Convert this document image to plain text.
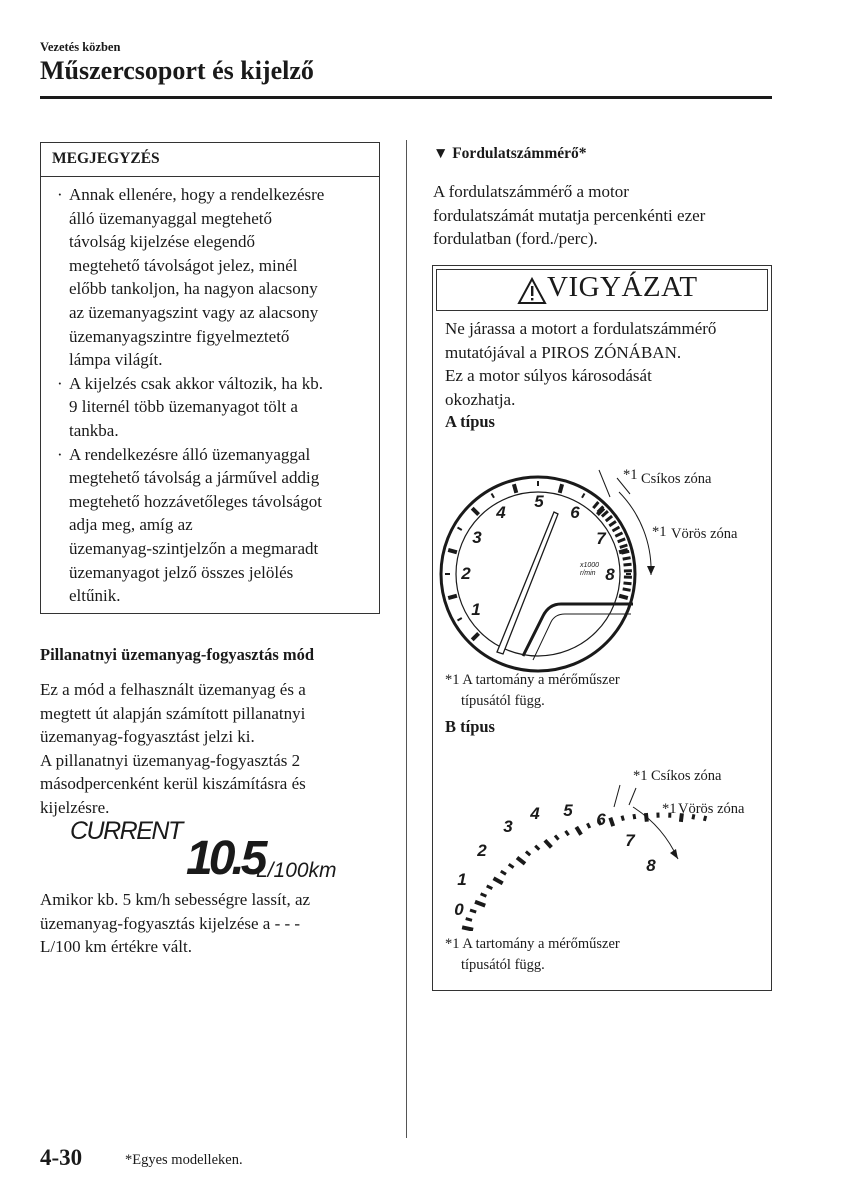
Vezetés közben
Műszercsoport és kijelző
MEGJEGYZÉS
· Annak ellenére, hogy a rendelkezésre
álló üzemanyaggal megtehető
távolság kijelzése elegendő
megtehető távolságot jelez, minél
előbb tankoljon, ha nagyon alacsony
az üzemanyagszint vagy az alacsony
üzemanyagszintre figyelmeztető
lámpa világít.
· A kijelzés csak akkor változik, ha kb.
9 liternél több üzemanyagot tölt a
tankba.
· A rendelkezésre álló üzemanyaggal
megtehető távolság a járművel addig
megtehető hozzávetőleges távolságot
adja meg, amíg az
üzemanyag-szintjelzőn a megmaradt
üzemanyagot jelző összes jelölés
eltűnik.
Pillanatnyi üzemanyag-fogyasztás mód
Ez a mód a felhasznált üzemanyag és a
megtett út alapján számított pillanatnyi
üzemanyag-fogyasztást jelzi ki.
A pillanatnyi üzemanyag-fogyasztás 2
másodpercenként kerül kiszámításra és
kijelzésre.
CURRENT
10.5
L/100km
Amikor kb. 5 km/h sebességre lassít, az
üzemanyag-fogyasztás kijelzése a - - -
L/100 km értékre vált.
▼ Fordulatszámmérő*
A fordulatszámmérő a motor
fordulatszámát mutatja percenkénti ezer
fordulatban (ford./perc).
VIGYÁZAT
Ne járassa a motort a fordulatszámmérő
mutatójával a PIROS ZÓNÁBAN.
Ez a motor súlyos károsodását
okozhatja.
A típus
1
2
3
4
5
6
7
8
x1000
r/min
*1 Csíkos zóna
*1 Vörös zóna
*1 A tartomány a mérőműszer
típusától függ.
B típus
0
1
2
3
4 5 6
7
8
*1 Csíkos zóna
*1 Vörös zóna
*1 A tartomány a mérőműszer
típusától függ.
4-30	*Egyes modelleken.
